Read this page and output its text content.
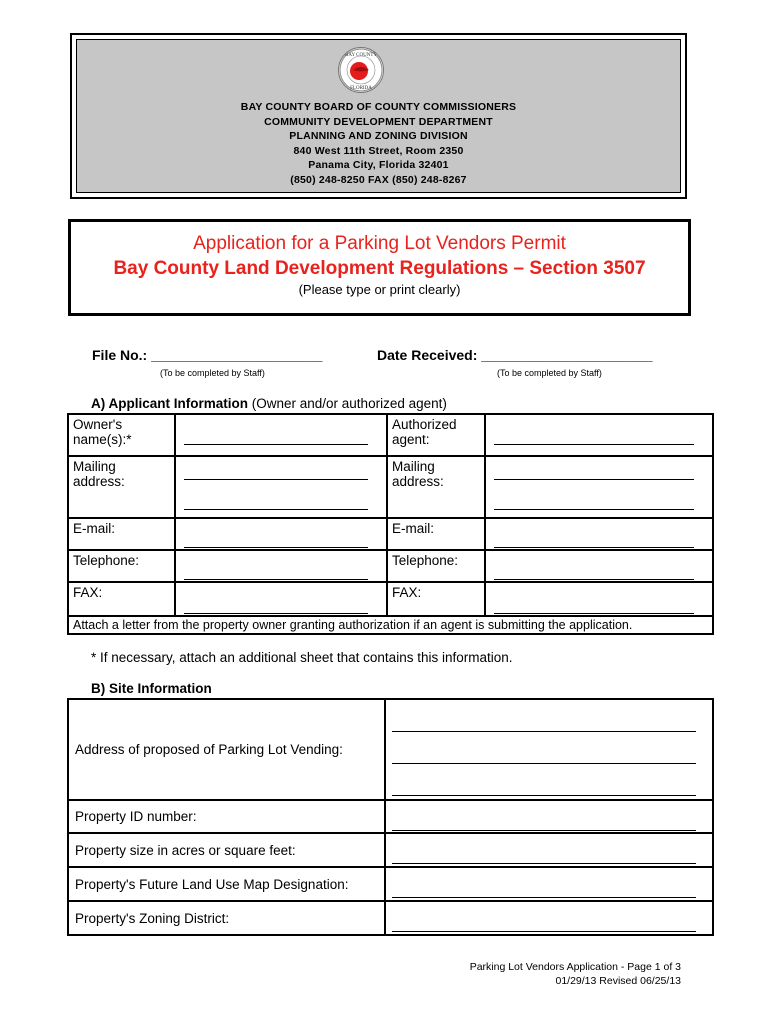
BAY COUNTY
FLORIDA
BAY COUNTY BOARD OF COUNTY COMMISSIONERS
COMMUNITY DEVELOPMENT DEPARTMENT
PLANNING AND ZONING DIVISION
840 West 11th Street, Room 2350
Panama City, Florida 32401
(850) 248-8250 FAX (850) 248-8267
Application for a Parking Lot Vendors Permit
Bay County Land Development Regulations – Section 3507
(Please type or print clearly)
File No.: ______________________
(To be completed by Staff)
Date Received: ______________________
(To be completed by Staff)
A) Applicant Information (Owner and/or authorized agent)
Owner's name(s):*		Authorized agent:	

Mailing address:		Mailing address:	

E-mail:		E-mail:	

Telephone:		Telephone:	

FAX:		FAX:	

Attach a letter from the property owner granting authorization if an agent is submitting the application.			
* If necessary, attach an additional sheet that contains this information.
B) Site Information
Address of proposed of Parking Lot Vending:	

Property ID number:	

Property size in acres or square feet:	

Property's Future Land Use Map Designation:	

Property's Zoning District:	
Parking Lot Vendors Application - Page 1 of 3
01/29/13 Revised 06/25/13
